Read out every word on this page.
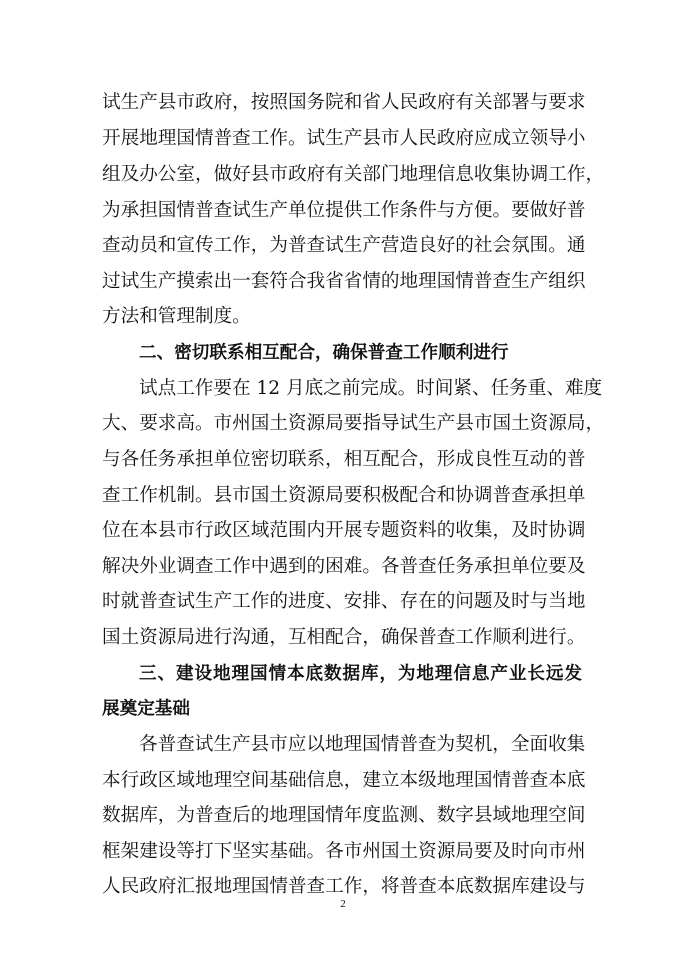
试生产县市政府，按照国务院和省人民政府有关部署与要求
开展地理国情普查工作。试生产县市人民政府应成立领导小
组及办公室，做好县市政府有关部门地理信息收集协调工作，
为承担国情普查试生产单位提供工作条件与方便。要做好普
查动员和宣传工作，为普查试生产营造良好的社会氛围。通
过试生产摸索出一套符合我省省情的地理国情普查生产组织
方法和管理制度。
二、密切联系相互配合，确保普查工作顺利进行
试点工作要在 12 月底之前完成。时间紧、任务重、难度
大、要求高。市州国土资源局要指导试生产县市国土资源局，
与各任务承担单位密切联系，相互配合，形成良性互动的普
查工作机制。县市国土资源局要积极配合和协调普查承担单
位在本县市行政区域范围内开展专题资料的收集，及时协调
解决外业调查工作中遇到的困难。各普查任务承担单位要及
时就普查试生产工作的进度、安排、存在的问题及时与当地
国土资源局进行沟通，互相配合，确保普查工作顺利进行。
三、建设地理国情本底数据库，为地理信息产业长远发
展奠定基础
各普查试生产县市应以地理国情普查为契机，全面收集
本行政区域地理空间基础信息，建立本级地理国情普查本底
数据库，为普查后的地理国情年度监测、数字县域地理空间
框架建设等打下坚实基础。各市州国土资源局要及时向市州
人民政府汇报地理国情普查工作，将普查本底数据库建设与
2
